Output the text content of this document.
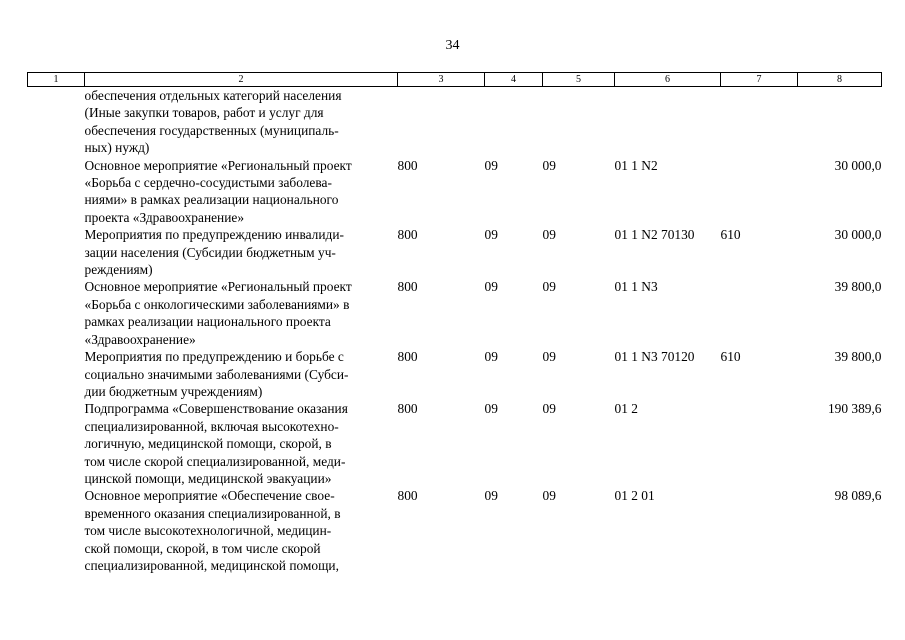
34
1	2	3	4	5	6	7	8

	обеспечения отдельных категорий населения
(Иные закупки товаров, работ и услуг для
обеспечения государственных (муниципаль-
ных) нужд)						

	Основное мероприятие «Региональный проект
«Борьба с сердечно-сосудистыми заболева-
ниями» в рамках реализации национального
проекта «Здравоохранение»	800	09	09	01 1 N2		30 000,0

	Мероприятия по предупреждению инвалиди-
зации населения (Субсидии бюджетным уч-
реждениям)	800	09	09	01 1 N2 70130	610	30 000,0

	Основное мероприятие «Региональный проект
«Борьба с онкологическими заболеваниями» в
рамках реализации национального проекта
«Здравоохранение»	800	09	09	01 1 N3		39 800,0

	Мероприятия по предупреждению и борьбе с
социально значимыми заболеваниями (Субси-
дии бюджетным учреждениям)	800	09	09	01 1 N3 70120	610	39 800,0

	Подпрограмма «Совершенствование оказания
специализированной, включая высокотехно-
логичную, медицинской помощи, скорой, в
том числе скорой специализированной, меди-
цинской помощи, медицинской эвакуации»	800	09	09	01 2		190 389,6

	Основное мероприятие «Обеспечение свое-
временного оказания специализированной, в
том числе высокотехнологичной, медицин-
ской помощи, скорой, в том числе скорой
специализированной, медицинской помощи,	800	09	09	01 2 01		98 089,6
